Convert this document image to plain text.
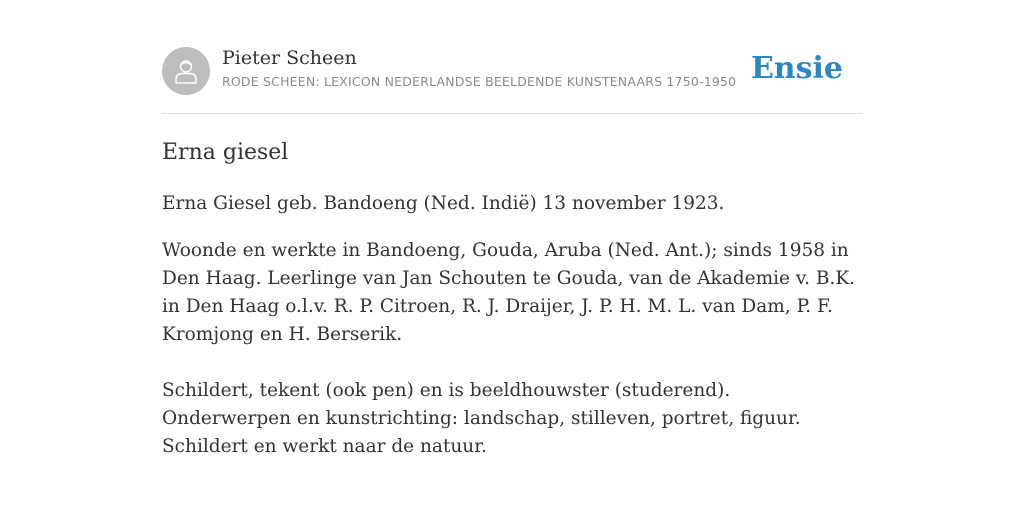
Pieter Scheen
RODE SCHEEN: LEXICON NEDERLANDSE BEELDENDE KUNSTENAARS 1750-1950 Ensie
Erna giesel

Erna Giesel geb. Bandoeng (Ned. Indië) 13 november 1923.

Woonde en werkte in Bandoeng, Gouda, Aruba (Ned. Ant.); sinds 1958 in Den Haag. Leerlinge van Jan Schouten te Gouda, van de Akademie v. B.K. in Den Haag o.l.v. R. P. Citroen, R. J. Draijer, J. P. H. M. L. van Dam, P. F. Kromjong en H. Berserik.

Schildert, tekent (ook pen) en is beeldhouwster (studerend). Onderwerpen en kunstrichting: landschap, stilleven, portret, figuur. Schildert en werkt naar de natuur.
